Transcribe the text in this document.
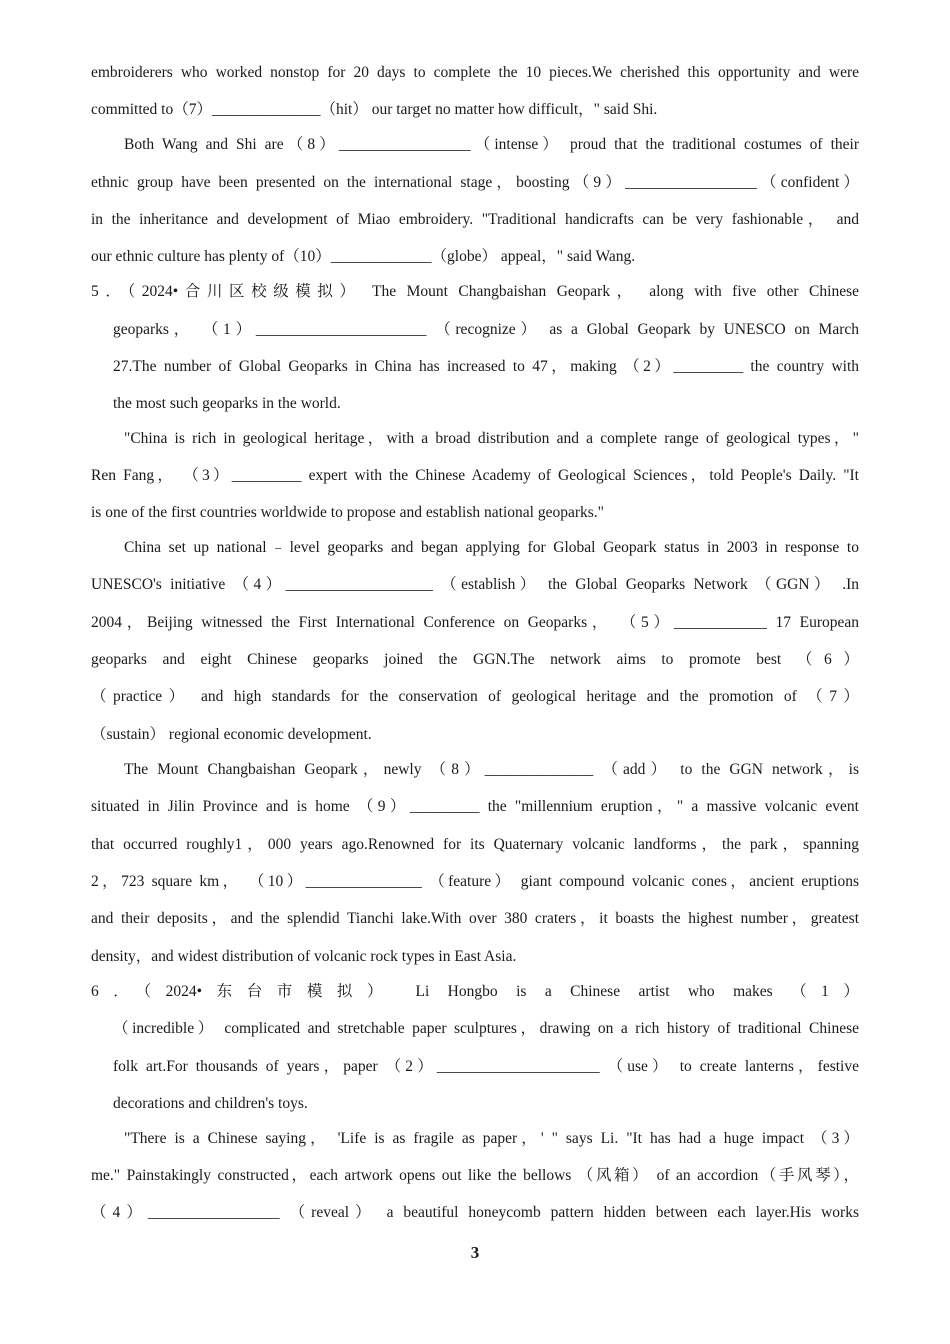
embroiderers who worked nonstop for 20 days to complete the 10 pieces.We cherished this opportunity and were
committed to（7）______________（hit） our target no matter how difficult，" said Shi.
Both Wang and Shi are（8）_________________（intense） proud that the traditional costumes of their
ethnic group have been presented on the international stage，boosting（9）_________________（confident）
in the inheritance and development of Miao embroidery. "Traditional handicrafts can be very fashionable， and
our ethnic culture has plenty of（10）_____________（globe） appeal，" said Wang.
5．（2024•合川区校级模拟） The Mount Changbaishan Geopark， along with five other Chinese
geoparks， （1）______________________ （recognize） as a Global Geopark by UNESCO on March
27.The number of Global Geoparks in China has increased to 47，making （2）_________ the country with
the most such geoparks in the world.
"China is rich in geological heritage，with a broad distribution and a complete range of geological types，"
Ren Fang， （3）_________ expert with the Chinese Academy of Geological Sciences，told People's Daily. "It
is one of the first countries worldwide to propose and establish national geoparks."
China set up national﹣level geoparks and began applying for Global Geopark status in 2003 in response to
UNESCO's initiative （4）___________________ （establish） the Global Geoparks Network （GGN） .In
2004，Beijing witnessed the First International Conference on Geoparks， （5）____________ 17 European
geoparks and eight Chinese geoparks joined the GGN.The network aims to promote best （6）
（practice） and high standards for the conservation of geological heritage and the promotion of （7）
（sustain） regional economic development.
The Mount Changbaishan Geopark，newly （8）______________ （add） to the GGN network，is
situated in Jilin Province and is home （9）_________ the "millennium eruption，" a massive volcanic event
that occurred roughly1，000 years ago.Renowned for its Quaternary volcanic landforms，the park，spanning
2，723 square km， （10）_______________ （feature） giant compound volcanic cones，ancient eruptions
and their deposits，and the splendid Tianchi lake.With over 380 craters，it boasts the highest number，greatest
density，and widest distribution of volcanic rock types in East Asia.
6．（2024•东台市模拟） Li Hongbo is a Chinese artist who makes （1）
（incredible） complicated and stretchable paper sculptures，drawing on a rich history of traditional Chinese
folk art.For thousands of years，paper （2）_____________________ （use） to create lanterns，festive
decorations and children's toys.
"There is a Chinese saying， 'Life is as fragile as paper，' " says Li. "It has had a huge impact （3）
me." Painstakingly constructed，each artwork opens out like the bellows （风箱） of an accordion（手风琴），
（4）_________________ （reveal） a beautiful honeycomb pattern hidden between each layer.His works
3
